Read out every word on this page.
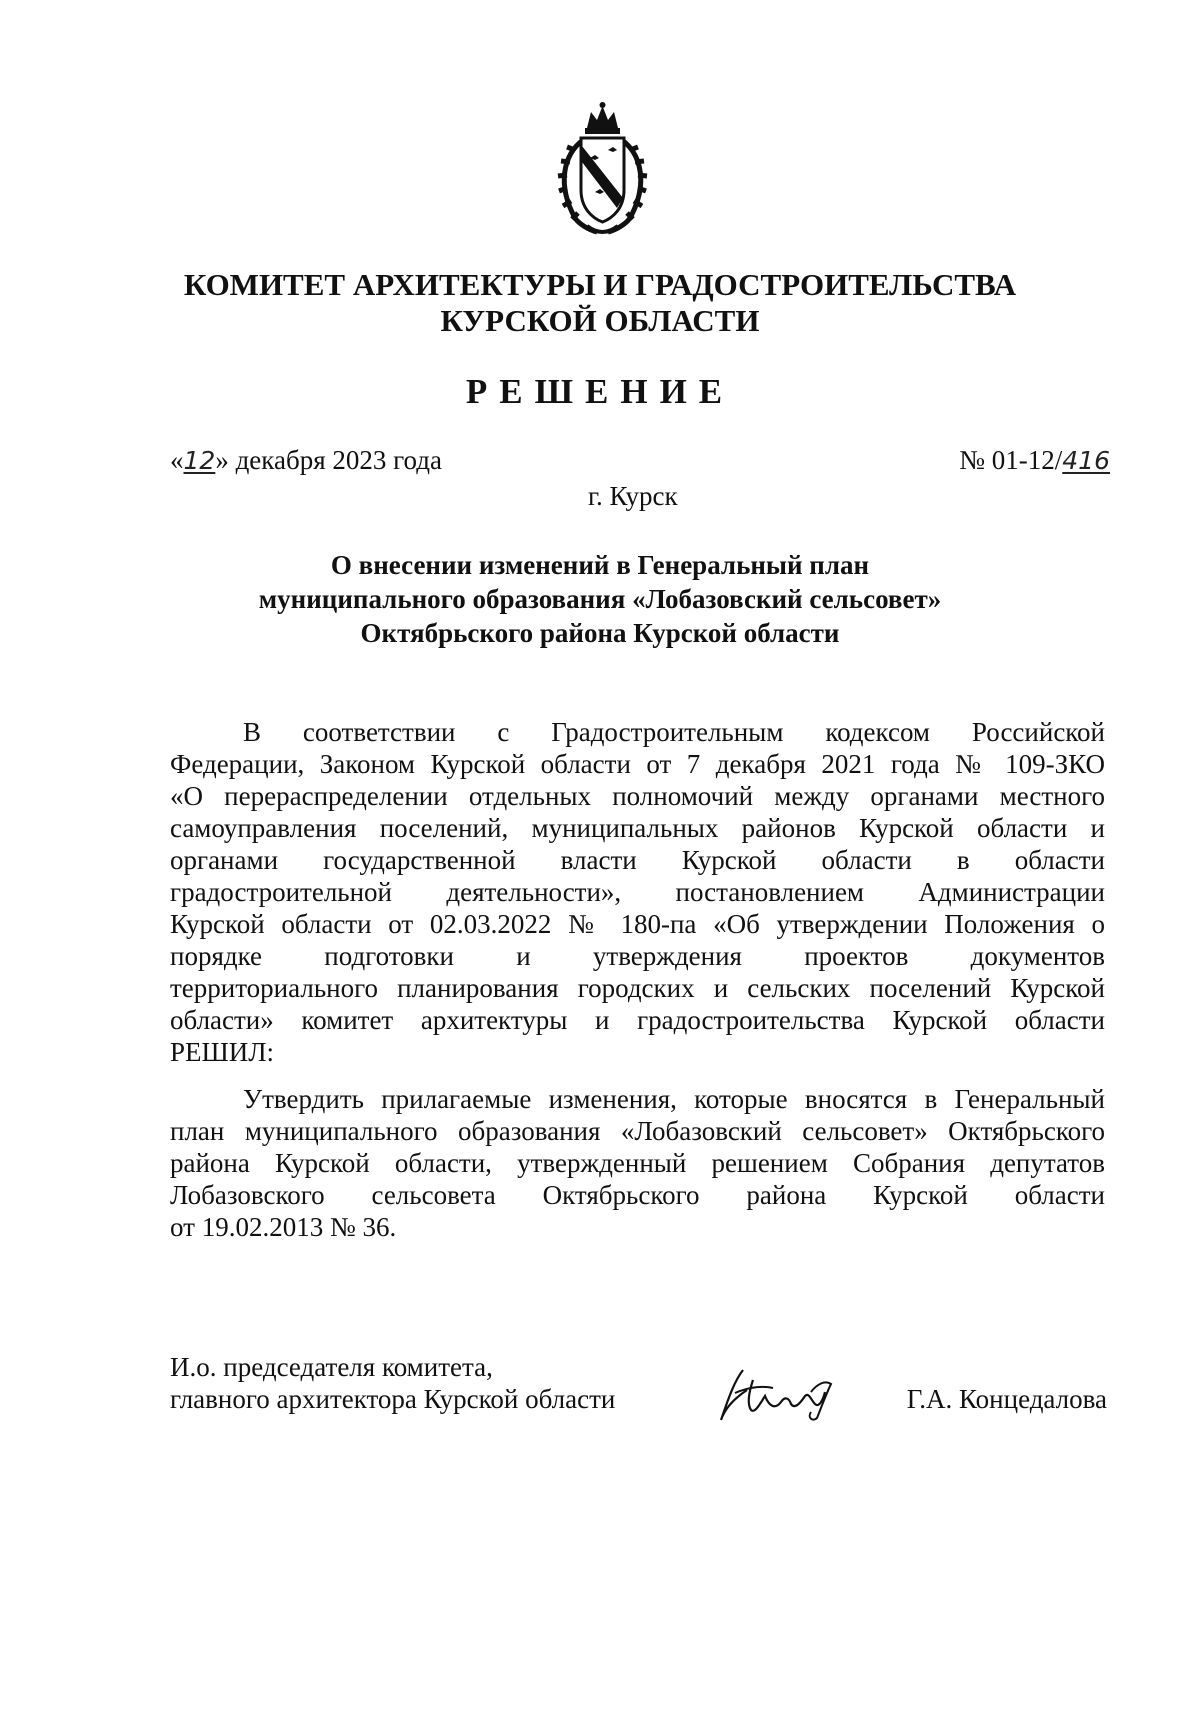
КОМИТЕТ АРХИТЕКТУРЫ И ГРАДОСТРОИТЕЛЬСТВА
КУРСКОЙ ОБЛАСТИ
РЕШЕНИЕ
«12» декабря 2023 года	№ 01-12/416
г. Курск
О внесении изменений в Генеральный план
муниципального образования «Лобазовский сельсовет»
Октябрьского района Курской области
В соответствии с Градостроительным кодексом Российской
Федерации, Законом Курской области от 7 декабря 2021 года № 109-ЗКО
«О перераспределении отдельных полномочий между органами местного
самоуправления поселений, муниципальных районов Курской области и
органами государственной власти Курской области в области
градостроительной деятельности», постановлением Администрации
Курской области от 02.03.2022 № 180-па «Об утверждении Положения о
порядке подготовки и утверждения проектов документов
территориального планирования городских и сельских поселений Курской
области» комитет архитектуры и градостроительства Курской области
РЕШИЛ:
Утвердить прилагаемые изменения, которые вносятся в Генеральный
план муниципального образования «Лобазовский сельсовет» Октябрьского
района Курской области, утвержденный решением Собрания депутатов
Лобазовского сельсовета Октябрьского района Курской области
от 19.02.2013 № 36.
И.о. председателя комитета,
главного архитектора Курской области	Г.А. Концедалова
